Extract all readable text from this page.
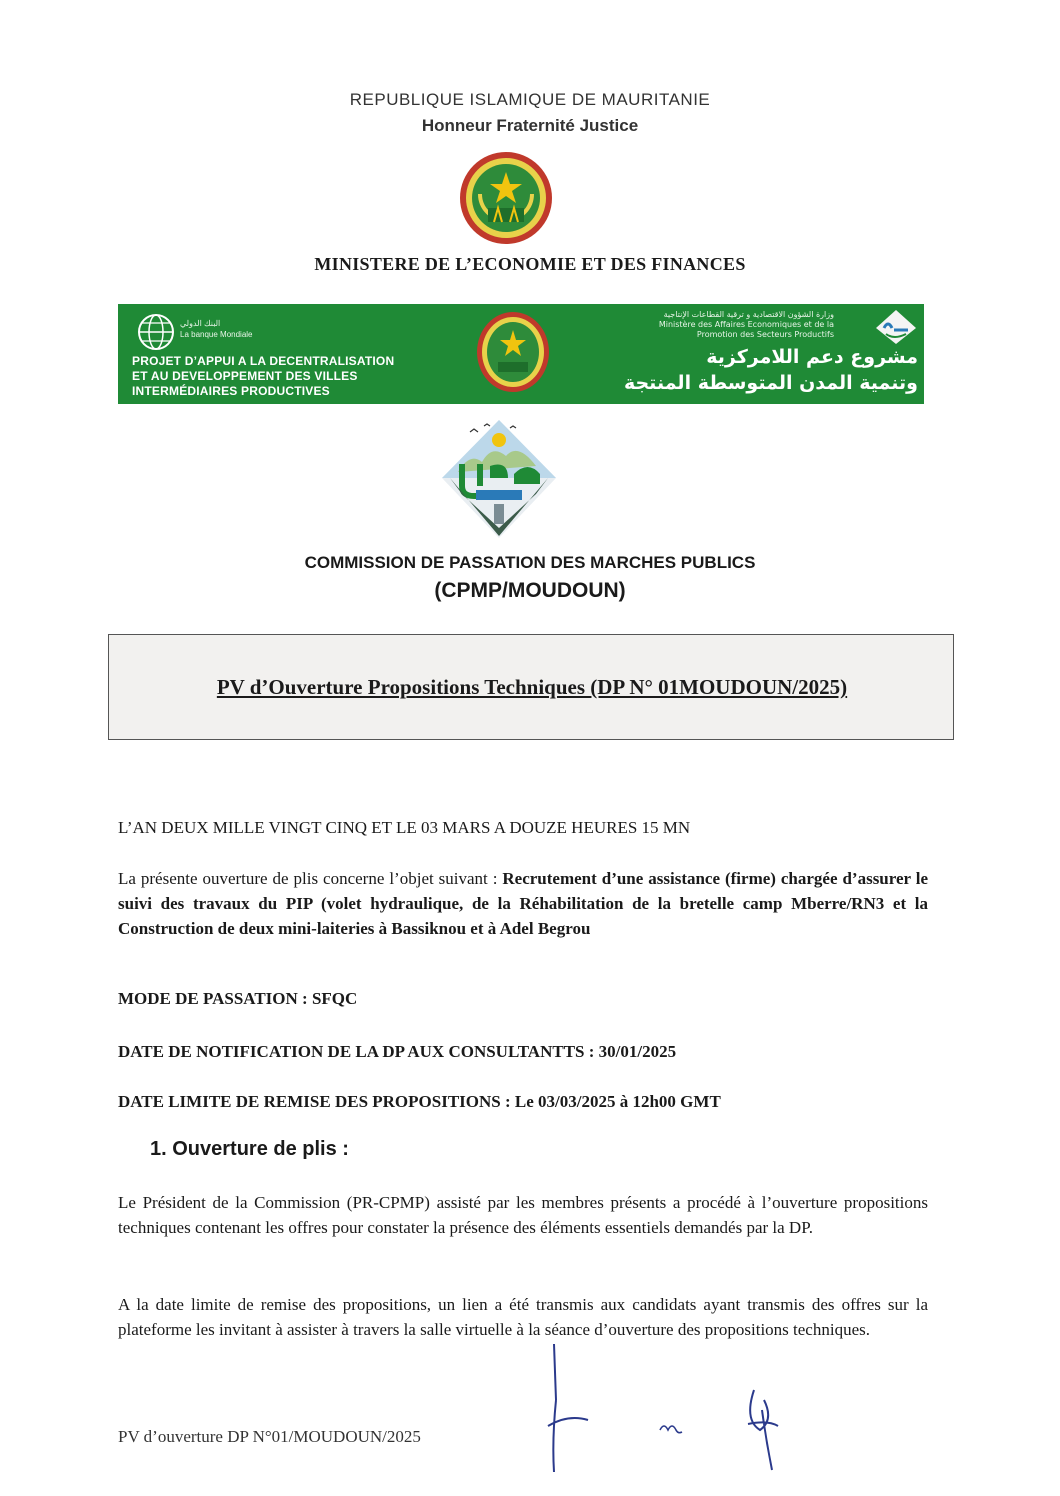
REPUBLIQUE ISLAMIQUE DE MAURITANIE
Honneur Fraternité Justice
MINISTERE DE L’ECONOMIE ET DES FINANCES
البنك الدولي
La banque Mondiale
PROJET D’APPUI A LA DECENTRALISATION
ET AU DEVELOPPEMENT DES VILLES
INTERMÉDIAIRES PRODUCTIVES
وزارة الشؤون الاقتصادية و ترقية القطاعات الإنتاجية
Ministère des Affaires Economiques et de la
Promotion des Secteurs Productifs
مشروع دعم اللامركزية
وتنمية المدن المتوسطة المنتجة
COMMISSION DE PASSATION DES MARCHES PUBLICS
(CPMP/MOUDOUN)
PV d’Ouverture Propositions Techniques (DP N° 01MOUDOUN/2025)
L’AN DEUX MILLE VINGT CINQ ET LE 03 MARS A DOUZE HEURES 15 MN
La présente ouverture de plis concerne l’objet suivant : Recrutement d’une assistance (firme) chargée d’assurer le suivi des travaux du PIP (volet hydraulique, de la Réhabilitation de la bretelle camp Mberre/RN3 et la Construction de deux mini-laiteries à Bassiknou et à Adel Begrou
MODE DE PASSATION : SFQC
DATE DE NOTIFICATION DE LA DP AUX CONSULTANTTS : 30/01/2025
DATE LIMITE DE REMISE DES PROPOSITIONS : Le 03/03/2025 à 12h00 GMT
1. Ouverture de plis :
Le Président de la Commission (PR-CPMP) assisté par les membres présents a procédé à l’ouverture propositions techniques contenant les offres pour constater la présence des éléments essentiels demandés par la DP.
A la date limite de remise des propositions, un lien a été transmis aux candidats ayant transmis des offres sur la plateforme les invitant à assister à travers la salle virtuelle à la séance d’ouverture des propositions techniques.
PV d’ouverture DP N°01/MOUDOUN/2025
